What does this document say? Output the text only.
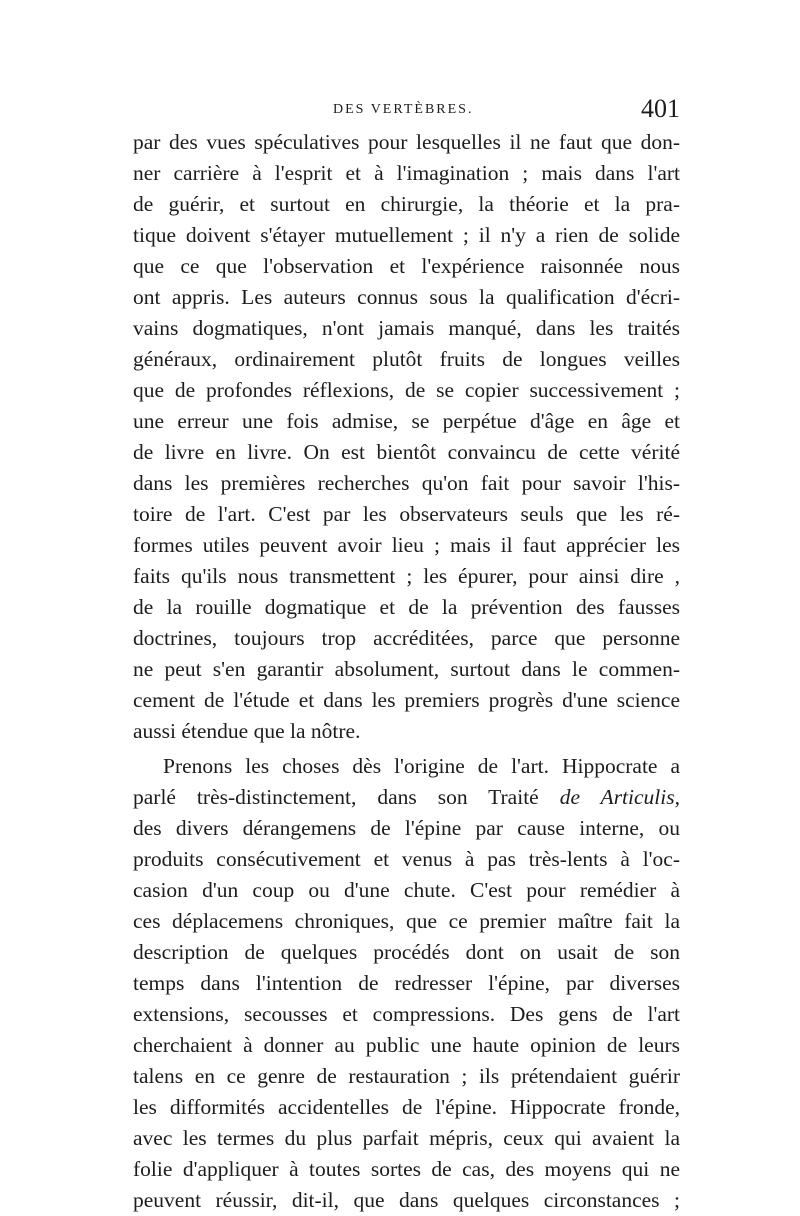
DES VERTÈBRES.	401
par des vues spéculatives pour lesquelles il ne faut que don-
ner carrière à l'esprit et à l'imagination ; mais dans l'art
de guérir, et surtout en chirurgie, la théorie et la pra-
tique doivent s'étayer mutuellement ; il n'y a rien de solide
que ce que l'observation et l'expérience raisonnée nous
ont appris. Les auteurs connus sous la qualification d'écri-
vains dogmatiques, n'ont jamais manqué, dans les traités
généraux, ordinairement plutôt fruits de longues veilles
que de profondes réflexions, de se copier successivement ;
une erreur une fois admise, se perpétue d'âge en âge et
de livre en livre. On est bientôt convaincu de cette vérité
dans les premières recherches qu'on fait pour savoir l'his-
toire de l'art. C'est par les observateurs seuls que les ré-
formes utiles peuvent avoir lieu ; mais il faut apprécier les
faits qu'ils nous transmettent ; les épurer, pour ainsi dire ,
de la rouille dogmatique et de la prévention des fausses
doctrines, toujours trop accréditées, parce que personne
ne peut s'en garantir absolument, surtout dans le commen-
cement de l'étude et dans les premiers progrès d'une science
aussi étendue que la nôtre.
Prenons les choses dès l'origine de l'art. Hippocrate a
parlé très-distinctement, dans son Traité de Articulis,
des divers dérangemens de l'épine par cause interne, ou
produits consécutivement et venus à pas très-lents à l'oc-
casion d'un coup ou d'une chute. C'est pour remédier à
ces déplacemens chroniques, que ce premier maître fait la
description de quelques procédés dont on usait de son
temps dans l'intention de redresser l'épine, par diverses
extensions, secousses et compressions. Des gens de l'art
cherchaient à donner au public une haute opinion de leurs
talens en ce genre de restauration ; ils prétendaient guérir
les difformités accidentelles de l'épine. Hippocrate fronde,
avec les termes du plus parfait mépris, ceux qui avaient la
folie d'appliquer à toutes sortes de cas, des moyens qui ne
peuvent réussir, dit-il, que dans quelques circonstances ;
